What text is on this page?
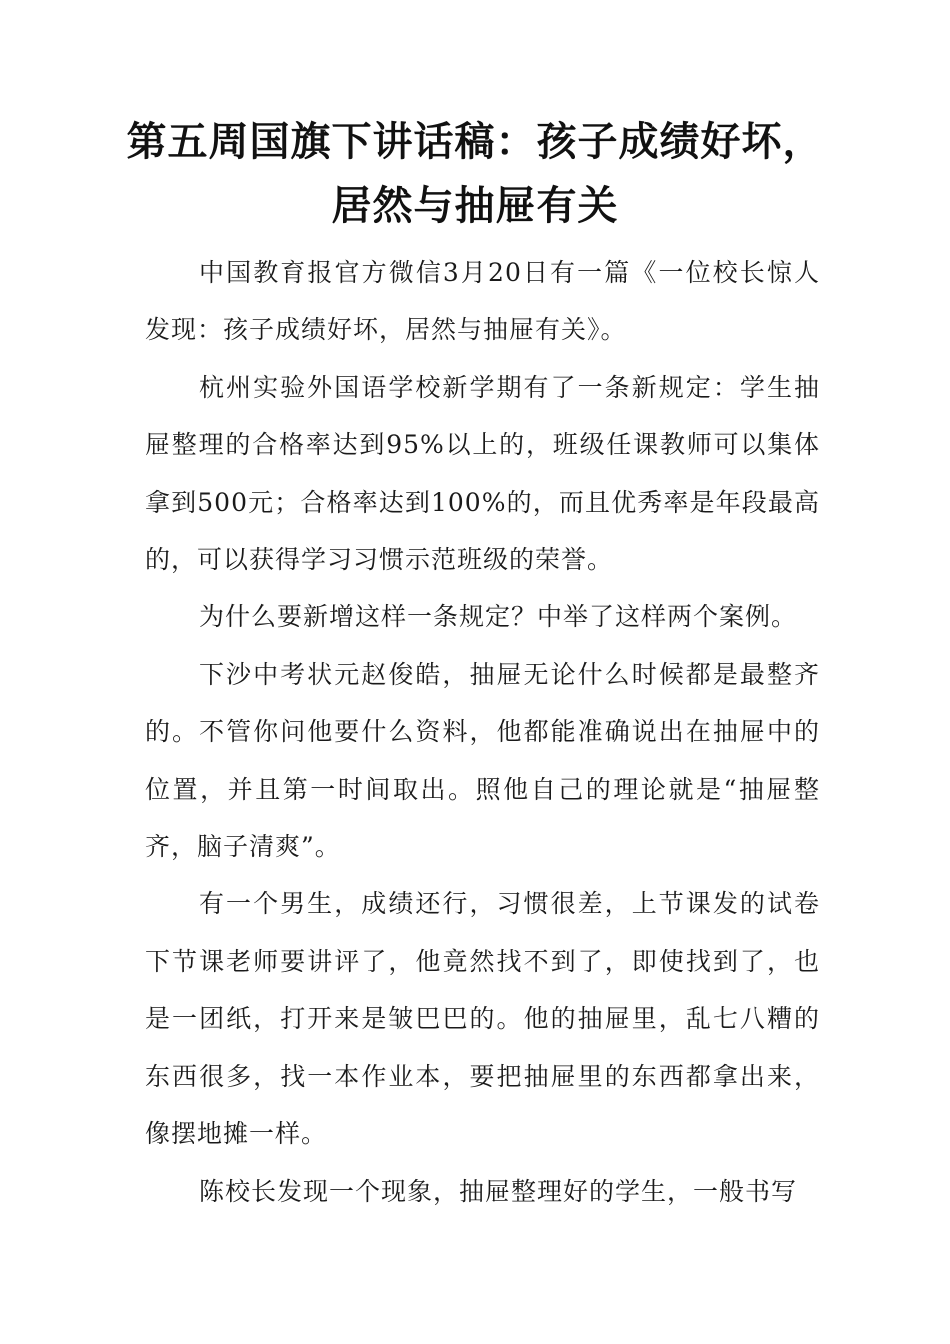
第五周国旗下讲话稿：孩子成绩好坏，
居然与抽屉有关

中国教育报官方微信3月20日有一篇《一位校长惊人发现：孩子成绩好坏，居然与抽屉有关》。

杭州实验外国语学校新学期有了一条新规定：学生抽屉整理的合格率达到95%以上的，班级任课教师可以集体拿到500元；合格率达到100%的，而且优秀率是年段最高的，可以获得学习习惯示范班级的荣誉。

为什么要新增这样一条规定？中举了这样两个案例。

下沙中考状元赵俊皓，抽屉无论什么时候都是最整齐的。不管你问他要什么资料，他都能准确说出在抽屉中的位置，并且第一时间取出。照他自己的理论就是“抽屉整齐，脑子清爽”。

有一个男生，成绩还行，习惯很差，上节课发的试卷下节课老师要讲评了，他竟然找不到了，即使找到了，也是一团纸，打开来是皱巴巴的。他的抽屉里，乱七八糟的东西很多，找一本作业本，要把抽屉里的东西都拿出来，像摆地摊一样。

陈校长发现一个现象，抽屉整理好的学生，一般书写
